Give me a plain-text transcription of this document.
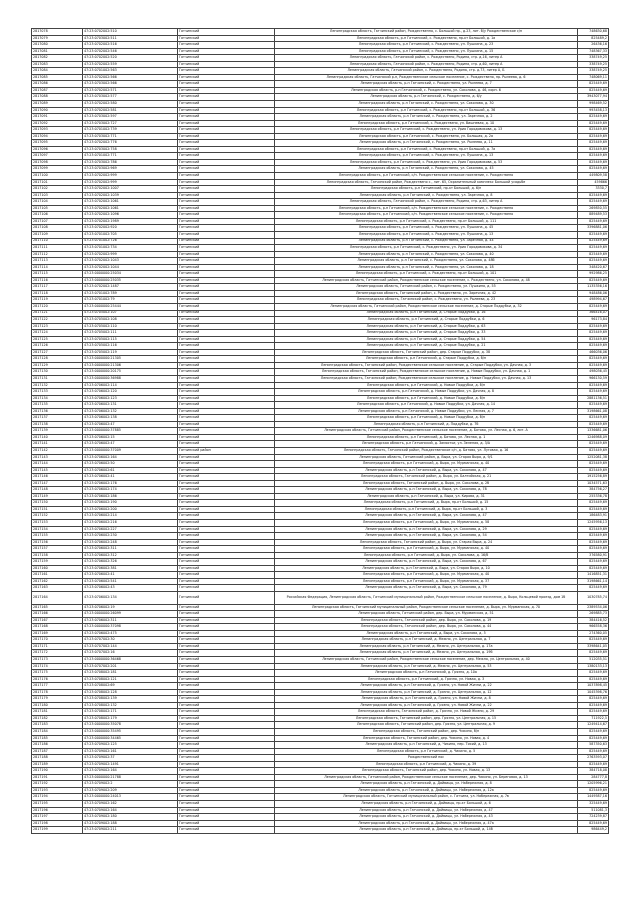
2817078	47:23:0702002:510	Гатчинский	Ленинградская область, Гатчинский район, Рождественно, с. Большой пр., д.23, лит. б/у Рождественское с/п	748630,68
2817079	47:23:0703002:511	Гатчинский	Ленинградская область, р-н Гатчинский, с. Рождествено, пр-кт Большой, д. 1а	825489,2
2817080	47:23:0702002:516	Гатчинский	Ленинградская область, р-н Гатчинский, с. Рождествено, ул. Пушкина, д. 23	26436,16
2817081	47:23:0702002:546	Гатчинский	Ленинградская область, р-н Гатчинский, с. Рождествено, ул. Пушкина, д. 15	748367,33
2817082	47:23:0702002:520	Гатчинский	Ленинградская область, Гатчинский район, с. Рождествено, Родина, стр. д.16, литер А	338749,25
2817083	47:23:0702002:559	Гатчинский	Ленинградская область, Гатчинский район, с. Рождествено, Родина, стр. д.60, литер А	338749,25
2817084	47:23:0701002:563	Гатчинский	Ленинградская область, Гатчинский район, с. Рождествено, Родина, стр. д.73, литер А, Б	338749,25
2817085	47:23:0702002:566	Гатчинский	Ленинградская область, Гатчинский р-н, Рождественское сельское поселение, с. Рождествено, пр. Рылеева, д. 6	748069,11
2817086	47:23:0703002:566	Гатчинский	Ленинградская область, р-н Гатчинский, с. Рождествено, ул. Рылеева, д. 7	825449,69
2817087	47:23:0702002:571	Гатчинский	Ленинградская область, р-н Гатчинский, с. Рождествено, ул. Соколова, д. 46, корп. 6	825449,69
2817088	47:23:0703002:577	Гатчинский	Ленинградская область, р-н Гатчинский, с. Рождествено, д. 6/у	3943077,94
2817089	47:23:0702002:580	Гатчинский	Ленинградская область, р-н Гатчинский, с. Рождествено, ул. Соколова, д. 30	998469,52
2817090	47:23:0702002:581	Гатчинский	Ленинградская область, р-н Гатчинский, с. Рождествено, пр-кт Большой, д. 36	993458,13
2817091	47:23:0703002:597	Гатчинский	Ленинградская область, р-н Гатчинский, с. Рождествено, ул. Заречная, д. 2	825449,69
2817092	47:23:0703002:727	Гатчинский	Ленинградская область, р-н Гатчинский, с. Рождествено, ул. Вишневая, д. 10	825449,69
2817093	47:23:0701002:739	Гатчинский	Ленинградская область, р-н Гатчинский, с. Рождествено, ул. Урия Городовикова, д. 13	825449,69
2817094	47:23:0703002:771	Гатчинский	Ленинградская область, р-н Гатчинский, с. Рождествено, ул. Большая, д. 2а	825449,69
2817095	47:23:0702002:776	Гатчинский	Ленинградская область, р-н Гатчинский, с. Рождествено, ул. Рылеева, д. 11	825449,69
2817096	47:23:0703002:758	Гатчинский	Ленинградская область, р-н Гатчинский, с. Рождествено, пр-кт Большой, д. 7а	825449,69
2817097	47:23:0701002:771	Гатчинский	Ленинградская область, р-н Гатчинский, с. Рождествено, ул. Пушкина, д. 13	825449,69
2817098	47:23:0703002:786	Гатчинский	Ленинградская область, р-н Гатчинский, с. Рождествено, ул. Урия Городовикова, д. 53	825449,69
2817099	47:23:0703002:969	Гатчинский	Ленинградская область, р-н Гатчинский, с. Рождествено, ул. Соколова, д. 45	825449,69
2817100	47:23:0702002:999	Гатчинский	Ленинградская область, р-н Гатчинский, с/п. Рождественское сельское поселение, с. Рождествено	449809,58
2817101	47:23:0702002:999	Гатчинский	Ленинградская область, Гатчинский район, Рождествено с., лит. 65, Охранительный комплекс Большой усадьбе	459866
2817102	47:23:0702002:1007	Гатчинский	Ленинградская область, р-н Гатчинский, пр-кт Большой, д. 6/н	3330,7
2817103	47:23:0702002:1039	Гатчинский	Ленинградская область, р-н Гатчинский, с. Рождествено, ул. Заречная, д. 8	825449,69
2817104	47:23:0702002:1061	Гатчинский	Ленинградская область, Гатчинский район, с. Рождествено, Родина, стр. д.63, литер А	825449,69
2817105	47:23:0702002:1061	Гатчинский	Ленинградская область, р-н Гатчинский, с/п. Рождественское сельское поселение, с. Рождествено	269850,55
2817106	47:23:0702002:1096	Гатчинский	Ленинградская область, р-н Гатчинский, с/п. Рождественское сельское поселение, с. Рождествено	889489,53
2817107	47:23:0702002:1989	Гатчинский	Ленинградская область, р-н Гатчинский, с. Рождествено, пр-кт Большой, д. 111	825449,69
2817108	47:23:0702002:920	Гатчинский	Ленинградская область, р-н Гатчинский, с. Рождествено, ул. Пушкина, д. 45	3396881,06
2817109	47:23:0701002:705	Гатчинский	Ленинградская область, р-н Гатчинский, с. Рождествено, ул. Пушкина, д. 13	825449,69
2817110	47:23:0701002:726	Гатчинский	Ленинградская область, р-н Гатчинский, с. Рождествено, ул. Заречная, д. 44	825449,69
2817111	47:23:0701002:734	Гатчинский	Ленинградская область, р-н Гатчинский, с. Рождествено, ул. Урия Городовикова, д. 34	825449,69
2817112	47:23:0702002:999	Гатчинский	Ленинградская область, р-н Гатчинский, с. Рождествено, ул. Соколова, д. 40	825449,69
2817113	47:23:0702002:1043	Гатчинский	Ленинградская область, р-н Гатчинский, с. Рождествено, ул. Соколова, д. 48б	825449,69
2817114	47:23:0702002:1044	Гатчинский	Ленинградская область, р-н Гатчинский, с. Рождествено, ул. Соколова, д. 18	348420,67
2817115	47:23:0000000:25034	Гатчинский	Ленинградская область, р-н Гатчинский, с. Рождествено, пр-кт Большой, д. 101	992986,25
2817116	47:23:0000000:25035	Гатчинский	Ленинградская область, Гатчинский район, Рождественское сельское поселение, с. Рождествено, ул. Соколова, д. 48	825449,69
2817117	47:23:0702002:1487	Гатчинский	Ленинградская область, Гатчинский район, с. Рождествено, ул. Пушкина, д. 55	1135356,16
2817118	47:23:0701002:789	Гатчинский	Ленинградская область, Гатчинский район, с. Рождествено, ул. Заречная, д. 42	948486,06
2817119	47:23:0701002:79	Гатчинский	Ленинградская область, Гатчинский район, с. Рождествено, ул. Рылеева, д. 23	498994,67
2817120	47:23:0000000:25444	Гатчинский	Ленинградская область, Гатчинский район, Рождественское сельское поселение, д. Старые Поддубки, д. 32	825449,69
2817121	47:23:0705002:107	Гатчинский	Ленинградская область, р-н Гатчинский, д. Старые Поддубки, д. 16	366416,07
2817122	47:23:0705002:108	Гатчинский	Ленинградская область, р-н Гатчинский, д. Старые Поддубки, д. 6	96173,84
2817123	47:23:0705002:110	Гатчинский	Ленинградская область, р-н Гатчинский, д. Старые Поддубки, д. 63	825449,69
2817124	47:23:0705002:111	Гатчинский	Ленинградская область, р-н Гатчинский, д. Старые Поддубки, д. 33	825449,69
2817125	47:23:0705002:115	Гатчинский	Ленинградская область, р-н Гатчинский, д. Старые Поддубки, д. 54	825449,69
2817126	47:23:0705002:116	Гатчинский	Ленинградская область, р-н Гатчинский, д. Старые Поддубки, д. 21	825449,69
2817127	47:23:0705002:119	Гатчинский	Ленинградская область, Гатчинский район, дер. Старые Поддубки, д. 38	466036,06
2817128	47:23:0000000:21305	Гатчинский	Ленинградская область, р-н Гатчинский, д. Старые Поддубки, д. б/н	825449,69
2817129	47:23:0000000:21306	Гатчинский	Ленинградская область, Гатчинский район, Рождественское сельское поселение, д. Старые Поддубки, ул. Дачная, д. 3	825449,69
2817130	47:23:0000000:20175	Гатчинский	Ленинградская область, Гатчинский район, Рождественское сельское поселение, д. Новые Поддубки, ул. Дачная, д. 1	498036,45
2817131	47:23:0000000:36988	Гатчинский	Ленинградская область, Гатчинский район, Рождественское сельское поселение, д. Новые Поддубки, ул. Дачная, д. 13	966130,59
2817132	47:23:0706002:114	Гатчинский	Ленинградская область, р-н Гатчинский, д. Новые Поддубки, д. б/н	825449,69
2817133	47:23:0706002:120	Гатчинский	Ленинградская область, р-н Гатчинский, д. Новые Поддубки, ул. Дачная, д. 8	825449,69
2817134	47:23:0706002:123	Гатчинский	Ленинградская область, р-н Гатчинский, д. Новые Поддубки, д. б/н	2881136,51
2817135	47:23:0706002:131	Гатчинский	Ленинградская область, р-н Гатчинский, д. Новые Поддубки, ул. Дачная, д. 14	825449,69
2817136	47:23:0706002:132	Гатчинский	Ленинградская область, р-н Гатчинский, д. Новые Поддубки, ул. Лесная, д. 7	3198661,08
2817137	47:23:0706002:138	Гатчинский	Ленинградская область, р-н Гатчинский, д. Новые Поддубки, д. б/н	825449,69
2817138	47:23:0706002:47	Гатчинский	Ленинградская область, р-н Гатчинский, д. Поддубки, д. 7б	825449,69
2817139	47:23:0000000:37885	Гатчинский	Ленинградская область, Гатчинский район, Рождественское сельское поселение, д. Батово, ул. Лесная, д. 6, лит. А	1336681,06
2817140	47:23:0706002:15	Гатчинский	Ленинградская область, р-н Гатчинский, д. Батово, ул. Лесная, д. 1	1246988,09
2817141	47:23:0706002:47	Гатчинский	Ленинградская область, р-н Гатчинский, д. Замостье, ул. Зеленая, д. 3/А	825449,69
2817142	47:23:0000000:37009	Гатчинский район	Ленинградская область, Гатчинский район, Рождественское с/п, д. Батово, ул. Луговая, д. 16	825449,69
2817143	47:23:0706002:164	Гатчинский	Ленинградская область, Гатчинский район, д. Выра, ул. Старая Выра, д. 9/1	1252081,38
2817144	47:23:0706002:50	Гатчинский	Ленинградская область, р-н Гатчинский, д. Выра, ул. Мурманская, д. 40	825449,69
2817145	47:23:0706002:61	Гатчинский	Ленинградская область, р-н Гатчинский, д. Выра, ул. Соколова, д. 47	825449,69
2817146	47:23:0706002:41	Гатчинский	Ленинградская область, Гатчинский район, д. Выра, ул. Балтийская, д. 21	1915256,89
2817147	47:23:0706002:176	Гатчинский	Ленинградская область, Гатчинский район, д. Выра, ул. Соколова, д. 2б	1034571,63
2817148	47:23:0706002:174	Гатчинский	Ленинградская область, р-н Гатчинский, д. Выра, ул. Соколова, д. 78	384756,27
2817149	47:23:0706002:186	Гатчинский	Ленинградская область, р-н Гатчинский, д. Выра, ул. Кирова, д. 31	255336,78
2817150	47:23:0706002:190	Гатчинский	Ленинградская область, р-н Гатчинский, д. Выра, пр-кт Большой, д. 15	825449,69
2817151	47:23:0706002:200	Гатчинский	Ленинградская область, р-н Гатчинский, д. Выра, пр-кт Большой, д. 3	825449,69
2817152	47:23:0706002:214	Гатчинский	Ленинградская область, р-н Гатчинский, д. Выра, ул. Соколова, д. 47	186483,91
2817153	47:23:0706002:216	Гатчинский	Ленинградская область, р-н Гатчинский, д. Выра, ул. Мурманская, д. 58	1245956,13
2817154	47:23:0706002:227	Гатчинский	Ленинградская область, р-н Гатчинский, д. Выра, ул. Соколова, д. 29	825449,69
2817155	47:23:0706002:230	Гатчинский	Ленинградская область, р-н Гатчинский, д. Выра, ул. Соколова, д. 54	825449,69
2817156	47:23:0706002:248	Гатчинский	Ленинградская область, Гатчинский район, д. Выра, ул. Старая Выра, д. 24	825449,69
2817157	47:23:0706002:311	Гатчинский	Ленинградская область, р-н Гатчинский, д. Выра, ул. Мурманская, д. 40	825449,69
2817158	47:23:0706002:312	Гатчинский	Ленинградская область, р-н Гатчинский, д. Выра, ул. Соколова, д. 16/б	376580,91
2817159	47:23:0706002:326	Гатчинский	Ленинградская область, р-н Гатчинский, д. Выра, ул. Соколова, д. 67	825449,69
2817160	47:23:0706002:381	Гатчинский	Ленинградская область, р-н Гатчинский, д. Выра, ул. Старая Выра, д. 10	825449,69
2817161	47:23:0706002:41	Гатчинский	Ленинградская область, р-н Гатчинский, д. Выра, ул. Мурманская, д. 40	1416851,31
2817162	47:23:0706002:541	Гатчинский	Ленинградская область, р-н Гатчинский, д. Выра, ул. Мурманская, д. 37	3198661,14
2817163	47:23:0706002:43	Гатчинский	Ленинградская область, р-н Гатчинский, д. Выра, ул. Соколова, д. 79	825449,69
2817164	47:23:0706002:134	Гатчинский	Российская Федерация, Ленинградская область, Гатчинский муниципальный район, Рождественское сельское поселение, д. Выра, Кольцевой проезд, дом 1б	1030785,74
2817165	47:23:0706002:19	Гатчинский	Ленинградская область, Гатчинский муниципальный район, Рождественское сельское поселение, д. Выра, ул. Мурманская, д. 70	2389534,06
2817166	47:23:0000000:26099	Гатчинский	Ленинградская область, Гатчинский район, дер. Выра, ул. Мурманская, д. 51	269885,73
2817167	47:23:0706002:311	Гатчинский	Ленинградская область, Гатчинский район, дер. Выра, ул. Соколова, д. 19	384416,52
2817168	47:23:0000000:37098	Гатчинский	Ленинградская область, Гатчинский район, дер. Выра, ул. Соколова, д. 44	966558,36
2817169	47:23:0706002:475	Гатчинский	Ленинградская область, р-н Гатчинский, д. Выра, ул. Соколова, д. 5	274360,05
2817170	47:23:0707002:30	Гатчинский	Ленинградская область, р-н Гатчинский, д. Межно, ул. Центральная, д. 7	825449,69
2817171	47:23:0707002:144	Гатчинский	Ленинградская область, р-н Гатчинский, д. Межно, ул. Центральная, д. 17а	3398641,05
2817172	47:23:0707002:16	Гатчинский	Ленинградская область, р-н Гатчинский, д. Межно, ул. Центральная, д. 19б	825449,69
2817173	47:23:0000000:36468	Гатчинский	Ленинградская область, Гатчинский район, Рождественское сельское поселение, дер. Межно, ул. Центральная, д. 40	512035,51
2817174	47:23:0707002:201	Гатчинский	Ленинградская область, р-н Гатчинский, д. Межно, ул. Центральная, д. 53	1380133,13
2817175	47:23:0708002:181	Гатчинский	Ленинградская область, р-н Гатчинский, д. Грязно, д. 10а	825449,69
2817176	47:23:0708002:121	Гатчинский	Ленинградская область, р-н Гатчинский, д. Грязно, ул. Новая, д. 3	825449,69
2817177	47:23:0708002:69	Гатчинский	Ленинградская область, р-н Гатчинский, д. Грязно, ул. Новой Жизни, д. 22	1037898,45
2817178	47:23:0708002:128	Гатчинский	Ленинградская область, р-н Гатчинский, д. Грязно, ул. Центральная, д. 12	1045398,76
2817179	47:23:0708002:139	Гатчинский	Ленинградская область, р-н Гатчинский, д. Грязно, ул. Новой Жизни, д. 8	825449,69
2817180	47:23:0708002:132	Гатчинский	Ленинградская область, р-н Гатчинский, д. Грязно, ул. Новой Жизни, д. 22	825449,69
2817181	47:23:0708002:171	Гатчинский	Ленинградская область, Гатчинский район, д. Грязно, ул. Новой Жизни, д. 29	825449,69
2817182	47:23:0708002:179	Гатчинский	Ленинградская область, Гатчинский район, дер. Грязно, ул. Центральная, д. 15	711922,5
2817183	47:23:0000000:35078	Гатчинский	Ленинградская область, Гатчинский район, дер. Грязно, ул. Центральная, д. 9	1249414,67
2817184	47:23:0000000:35495	Гатчинский	Ленинградская область, Гатчинский район, дер. Чикино, б/н	825449,69
2817185	47:23:0000000:34465	Гатчинский	Ленинградская область, Гатчинский район, дер. Чикино, ул. Новая, д. 4	825449,69
2817186	47:23:0709002:125	Гатчинский	Ленинградская область, р-н Гатчинский, д. Чикино, пер. Тихий, д. 13	587350,63
2817187	47:23:0709002:161	Гатчинский	Ленинградская область, р-н Гатчинский, д. Чикино, д. 5	825449,69
2817188	47:23:0709002:37	Гатчинский	Рождественский пос	2763593,07
2817189	47:23:0709002:1491	Гатчинский	Ленинградская область, р-н Гатчинский, д. Чикино, д. 39	825449,69
2817190	47:23:0709002:164	Гатчинский	Ленинградская область, Гатчинский район, дер. Чикино, ул. Новая, д. 13	384718,08
2817191	47:23:0000000:21788	Гатчинский	Ленинградская область, Гатчинский район, Рождественское сельское поселение, дер. Чикино, ул. Береговая, д. 13	284777,8
2817192	47:23:0709002:2	Гатчинский	Ленинградская область, р-н Гатчинский, д. Дайвицы, ул. Набережная, д. 8	1205996,21
2817193	47:23:0709002:209	Гатчинский	Ленинградская область, р-н Гатчинский, д. Дайвицы, ул. Набережная, д. 12а	825449,69
2817194	47:23:0000000:24013	Гатчинский	Ленинградская область, Гатчинский муниципальный район, с. Гатчина, ул. Набережная, д. 7в	1449587,16
2817195	47:23:0709002:162	Гатчинский	Ленинградская область, р-н Гатчинский, д. Дайвицы, пр-кт Большой, д. 6	325449,69
2817196	47:23:0709002:164	Гатчинский	Ленинградская область, р-н Гатчинский, д. Дайвицы, ул. Набережная, д. 47	511081,3
2817197	47:23:0709002:180	Гатчинский	Ленинградская область, р-н Гатчинский, д. Дайвицы, ул. Набережная, д. 43	724239,87
2817198	47:23:0709002:188	Гатчинский	Ленинградская область, р-н Гатчинский, д. Дайвицы, ул. Набережная, д. 47а	825449,69
2817199	47:23:0709002:211	Гатчинский	Ленинградская область, р-н Гатчинский, д. Дайвицы, пр-кт Большой, д. 14б	986449,2
